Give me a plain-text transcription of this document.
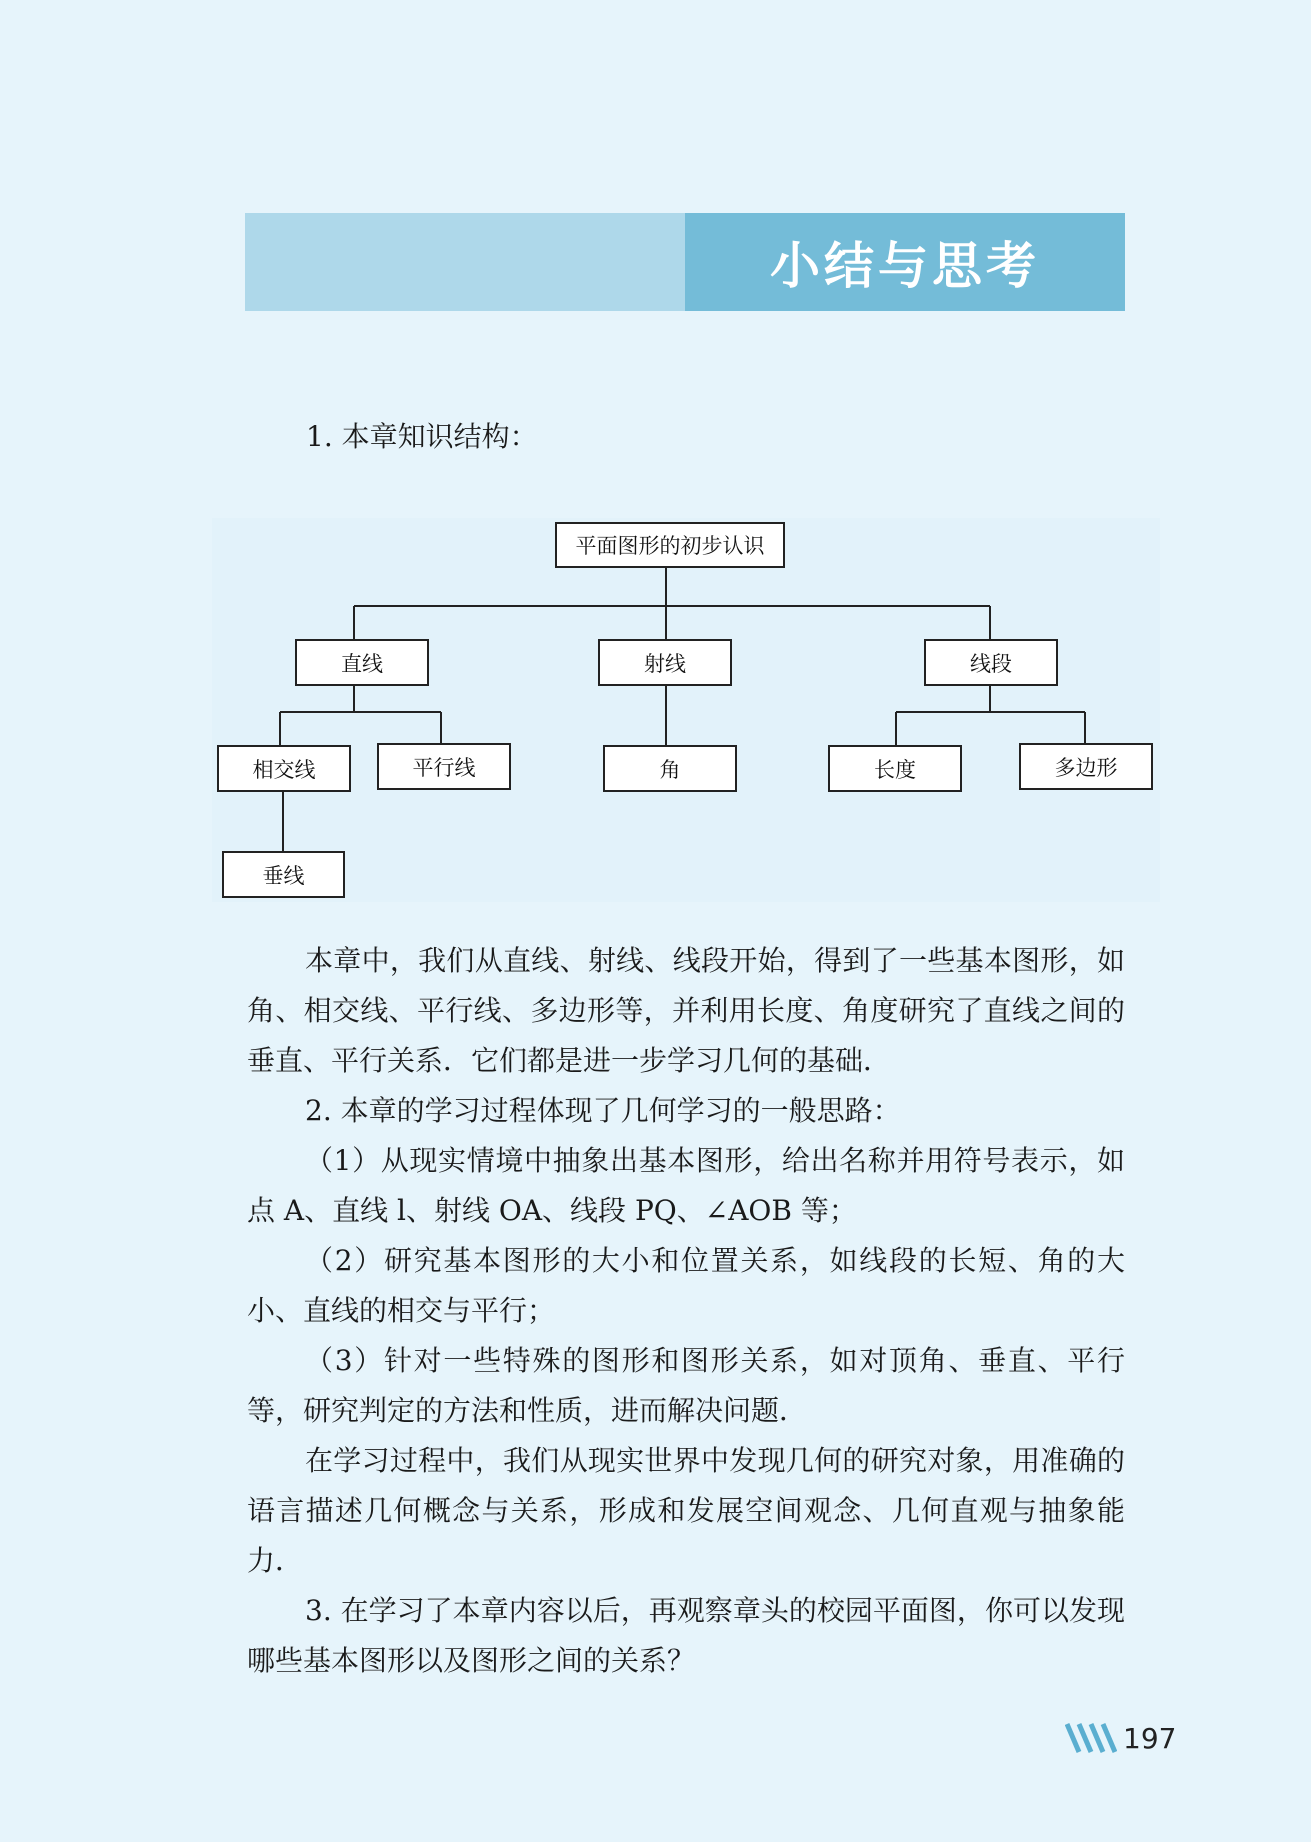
小结与思考

1. 本章知识结构：

平面图形的初步认识
直线	射线	线段
相交线	平行线	角	长度	多边形
垂线

本章中，我们从直线、射线、线段开始，得到了一些基本图形，如角、相交线、平行线、多边形等，并利用长度、角度研究了直线之间的垂直、平行关系．它们都是进一步学习几何的基础．

2. 本章的学习过程体现了几何学习的一般思路：

（1）从现实情境中抽象出基本图形，给出名称并用符号表示，如点 A、直线 l、射线 OA、线段 PQ、∠AOB 等；

（2）研究基本图形的大小和位置关系，如线段的长短、角的大小、直线的相交与平行；

（3）针对一些特殊的图形和图形关系，如对顶角、垂直、平行等，研究判定的方法和性质，进而解决问题．

在学习过程中，我们从现实世界中发现几何的研究对象，用准确的语言描述几何概念与关系，形成和发展空间观念、几何直观与抽象能力．

3. 在学习了本章内容以后，再观察章头的校园平面图，你可以发现哪些基本图形以及图形之间的关系？

197
